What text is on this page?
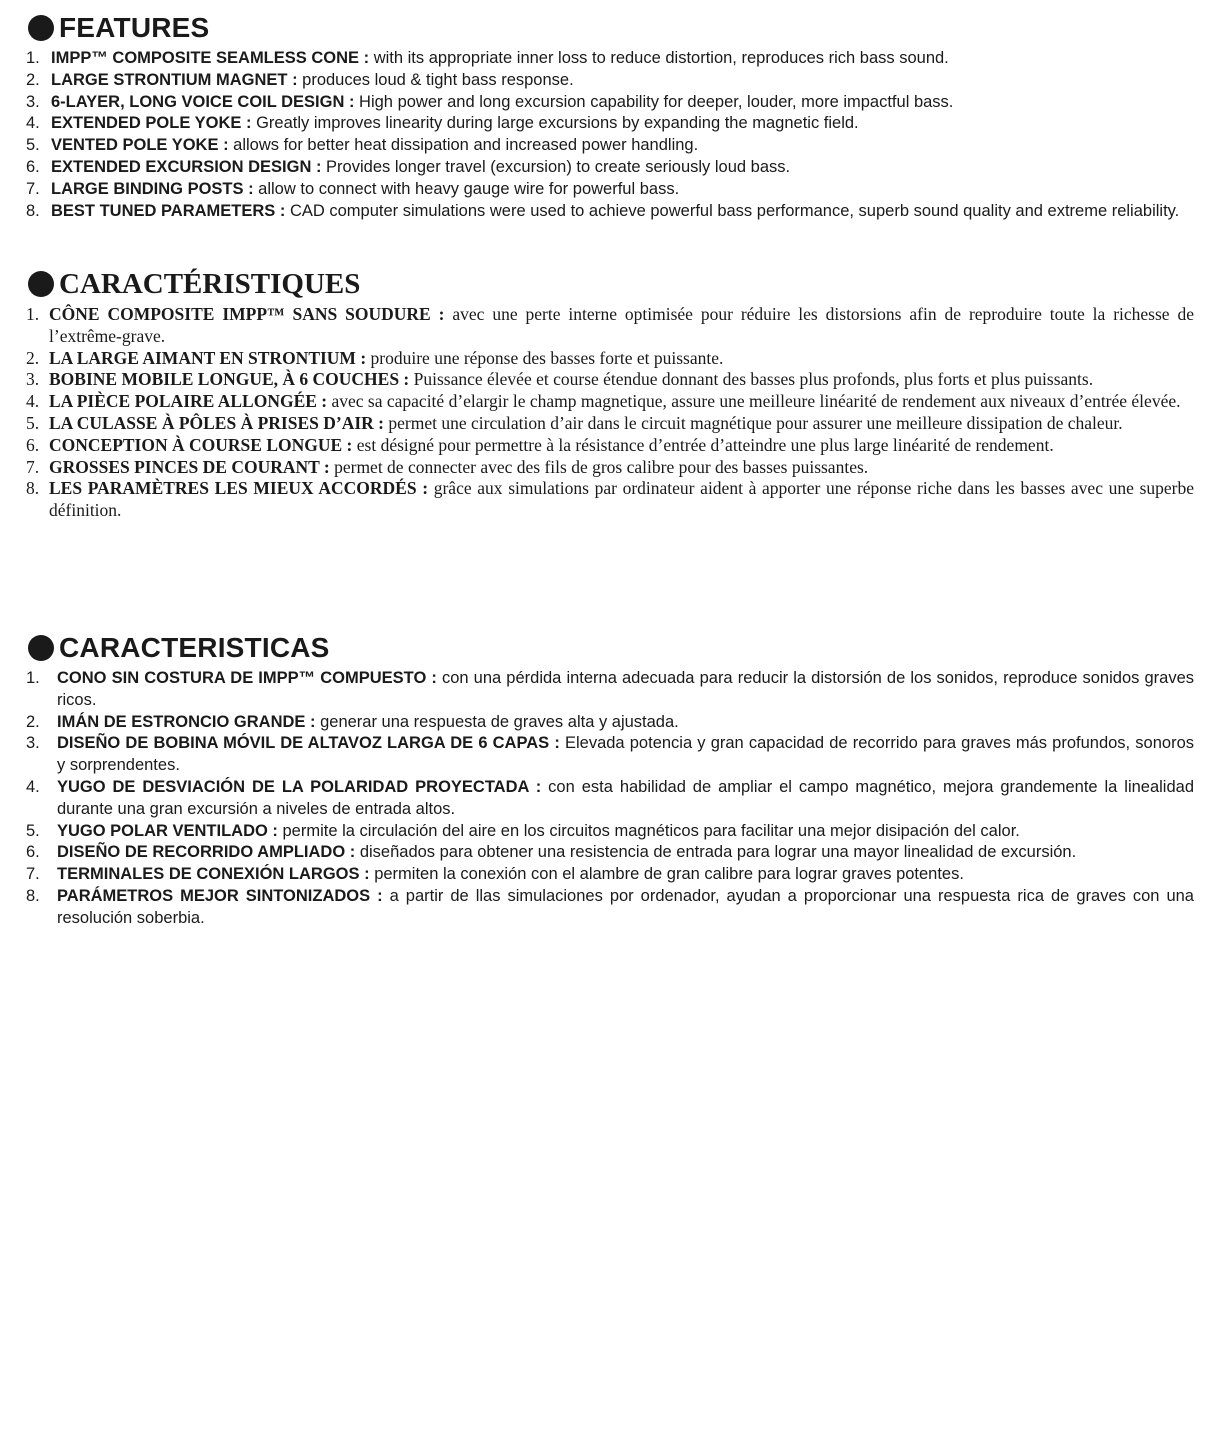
FEATURES
1. IMPP™ COMPOSITE SEAMLESS CONE : with its appropriate inner loss to reduce distortion, reproduces rich bass sound.
2. LARGE STRONTIUM MAGNET : produces loud & tight bass response.
3. 6-LAYER, LONG VOICE COIL DESIGN : High power and long excursion capability for deeper, louder, more impactful bass.
4. EXTENDED POLE YOKE : Greatly improves linearity during large excursions by expanding the magnetic field.
5. VENTED POLE YOKE : allows for better heat dissipation and increased power handling.
6. EXTENDED EXCURSION DESIGN : Provides longer travel (excursion) to create seriously loud bass.
7. LARGE BINDING POSTS : allow to connect with heavy gauge wire for powerful bass.
8. BEST TUNED PARAMETERS : CAD computer simulations were used to achieve powerful bass performance, superb sound quality and extreme reliability.
CARACTÉRISTIQUES
1. CÔNE COMPOSITE IMPP™ SANS SOUDURE : avec une perte interne optimisée pour réduire les distorsions afin de reproduire toute la richesse de l’extrême-grave.
2. LA LARGE AIMANT EN STRONTIUM : produire une réponse des basses forte et puissante.
3. BOBINE MOBILE LONGUE, À 6 COUCHES : Puissance élevée et course étendue donnant des basses plus profonds, plus forts et plus puissants.
4. LA PIÈCE POLAIRE ALLONGÉE : avec sa capacité d’elargir le champ magnetique, assure une meilleure linéarité de rendement aux niveaux d’entrée élevée.
5. LA CULASSE À PÔLES À PRISES D’AIR : permet une circulation d’air dans le circuit magnétique pour assurer une meilleure dissipation de chaleur.
6. CONCEPTION À COURSE LONGUE : est désigné pour permettre à la résistance d’entrée d’atteindre une plus large linéarité de rendement.
7. GROSSES PINCES DE COURANT : permet de connecter avec des fils de gros calibre pour des basses puissantes.
8. LES PARAMÈTRES LES MIEUX ACCORDÉS : grâce aux simulations par ordinateur aident à apporter une réponse riche dans les basses avec une superbe définition.
CARACTERISTICAS
1.	CONO SIN COSTURA DE IMPP™ COMPUESTO : con una pérdida interna adecuada para reducir la distorsión de los sonidos, reproduce sonidos graves ricos.
2.	IMÁN DE ESTRONCIO GRANDE : generar una respuesta de graves alta y ajustada.
3.	DISEÑO DE BOBINA MÓVIL DE ALTAVOZ LARGA DE 6 CAPAS : Elevada potencia y gran capacidad de recorrido para graves más profundos, sonoros y sorprendentes.
4.	YUGO DE DESVIACIÓN DE LA POLARIDAD PROYECTADA : con esta habilidad de ampliar el campo magnético, mejora grandemente la linealidad durante una gran excursión a niveles de entrada altos.
5.	YUGO POLAR VENTILADO : permite la circulación del aire en los circuitos magnéticos para facilitar una mejor disipación del calor.
6.	DISEÑO DE RECORRIDO AMPLIADO : diseñados para obtener una resistencia de entrada para lograr una mayor linealidad de excursión.
7.	TERMINALES DE CONEXIÓN LARGOS : permiten la conexión con el alambre de gran calibre para lograr graves potentes.
8.	PARÁMETROS MEJOR SINTONIZADOS : a partir de llas simulaciones por ordenador, ayudan a proporcionar una respuesta rica de graves con una resolución soberbia.
